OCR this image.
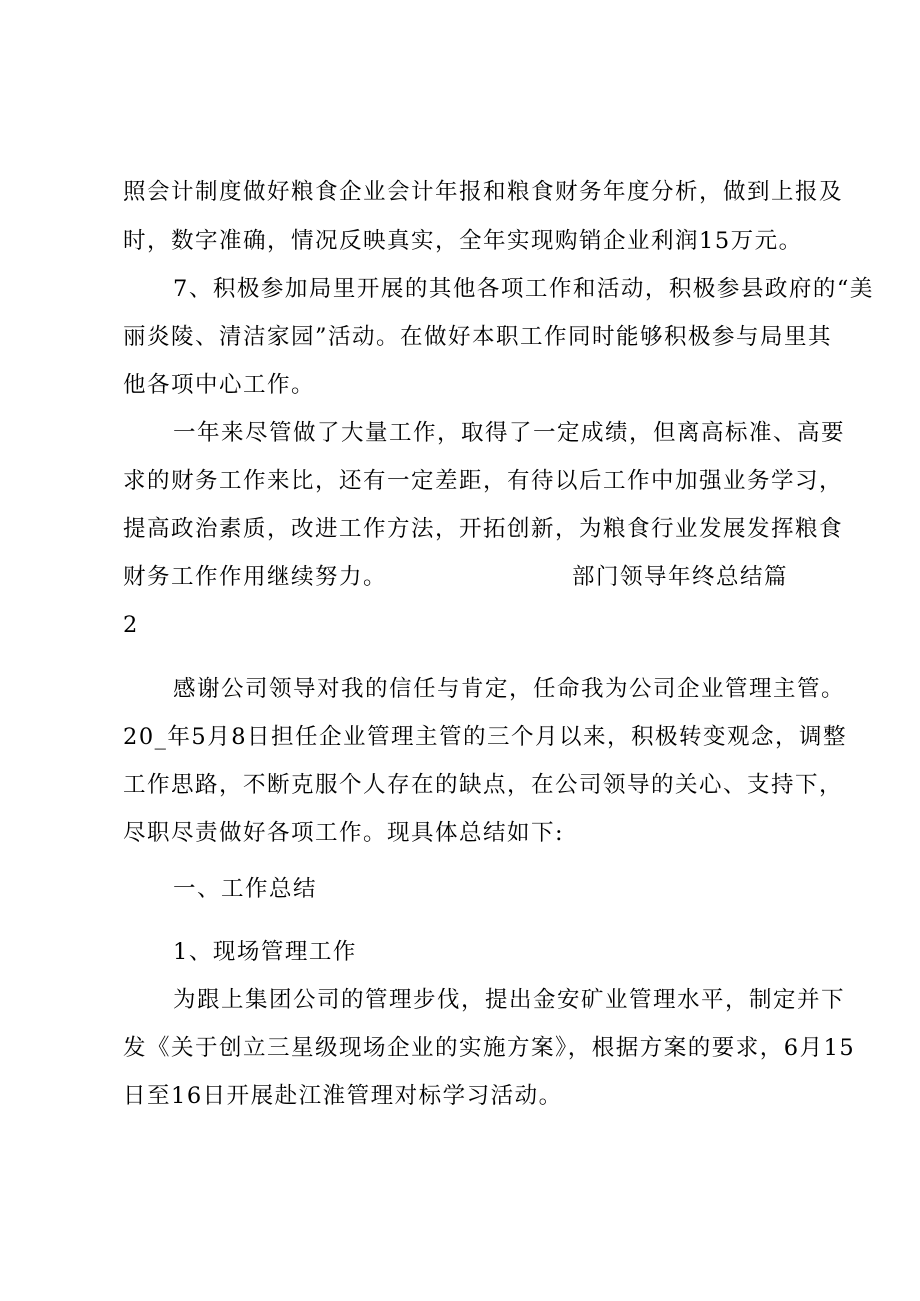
照会计制度做好粮食企业会计年报和粮食财务年度分析，做到上报及
时，数字准确，情况反映真实，全年实现购销企业利润15万元。
7、积极参加局里开展的其他各项工作和活动，积极参县政府的“美
丽炎陵、清洁家园”活动。在做好本职工作同时能够积极参与局里其
他各项中心工作。
一年来尽管做了大量工作，取得了一定成绩，但离高标准、高要
求的财务工作来比，还有一定差距，有待以后工作中加强业务学习，
提高政治素质，改进工作方法，开拓创新，为粮食行业发展发挥粮食
财务工作作用继续努力。	部门领导年终总结篇
2
感谢公司领导对我的信任与肯定，任命我为公司企业管理主管。
20_年5月8日担任企业管理主管的三个月以来，积极转变观念，调整
工作思路，不断克服个人存在的缺点，在公司领导的关心、支持下，
尽职尽责做好各项工作。现具体总结如下:
一、工作总结
1、现场管理工作
为跟上集团公司的管理步伐，提出金安矿业管理水平，制定并下
发《关于创立三星级现场企业的实施方案》，根据方案的要求，6月15
日至16日开展赴江淮管理对标学习活动。
